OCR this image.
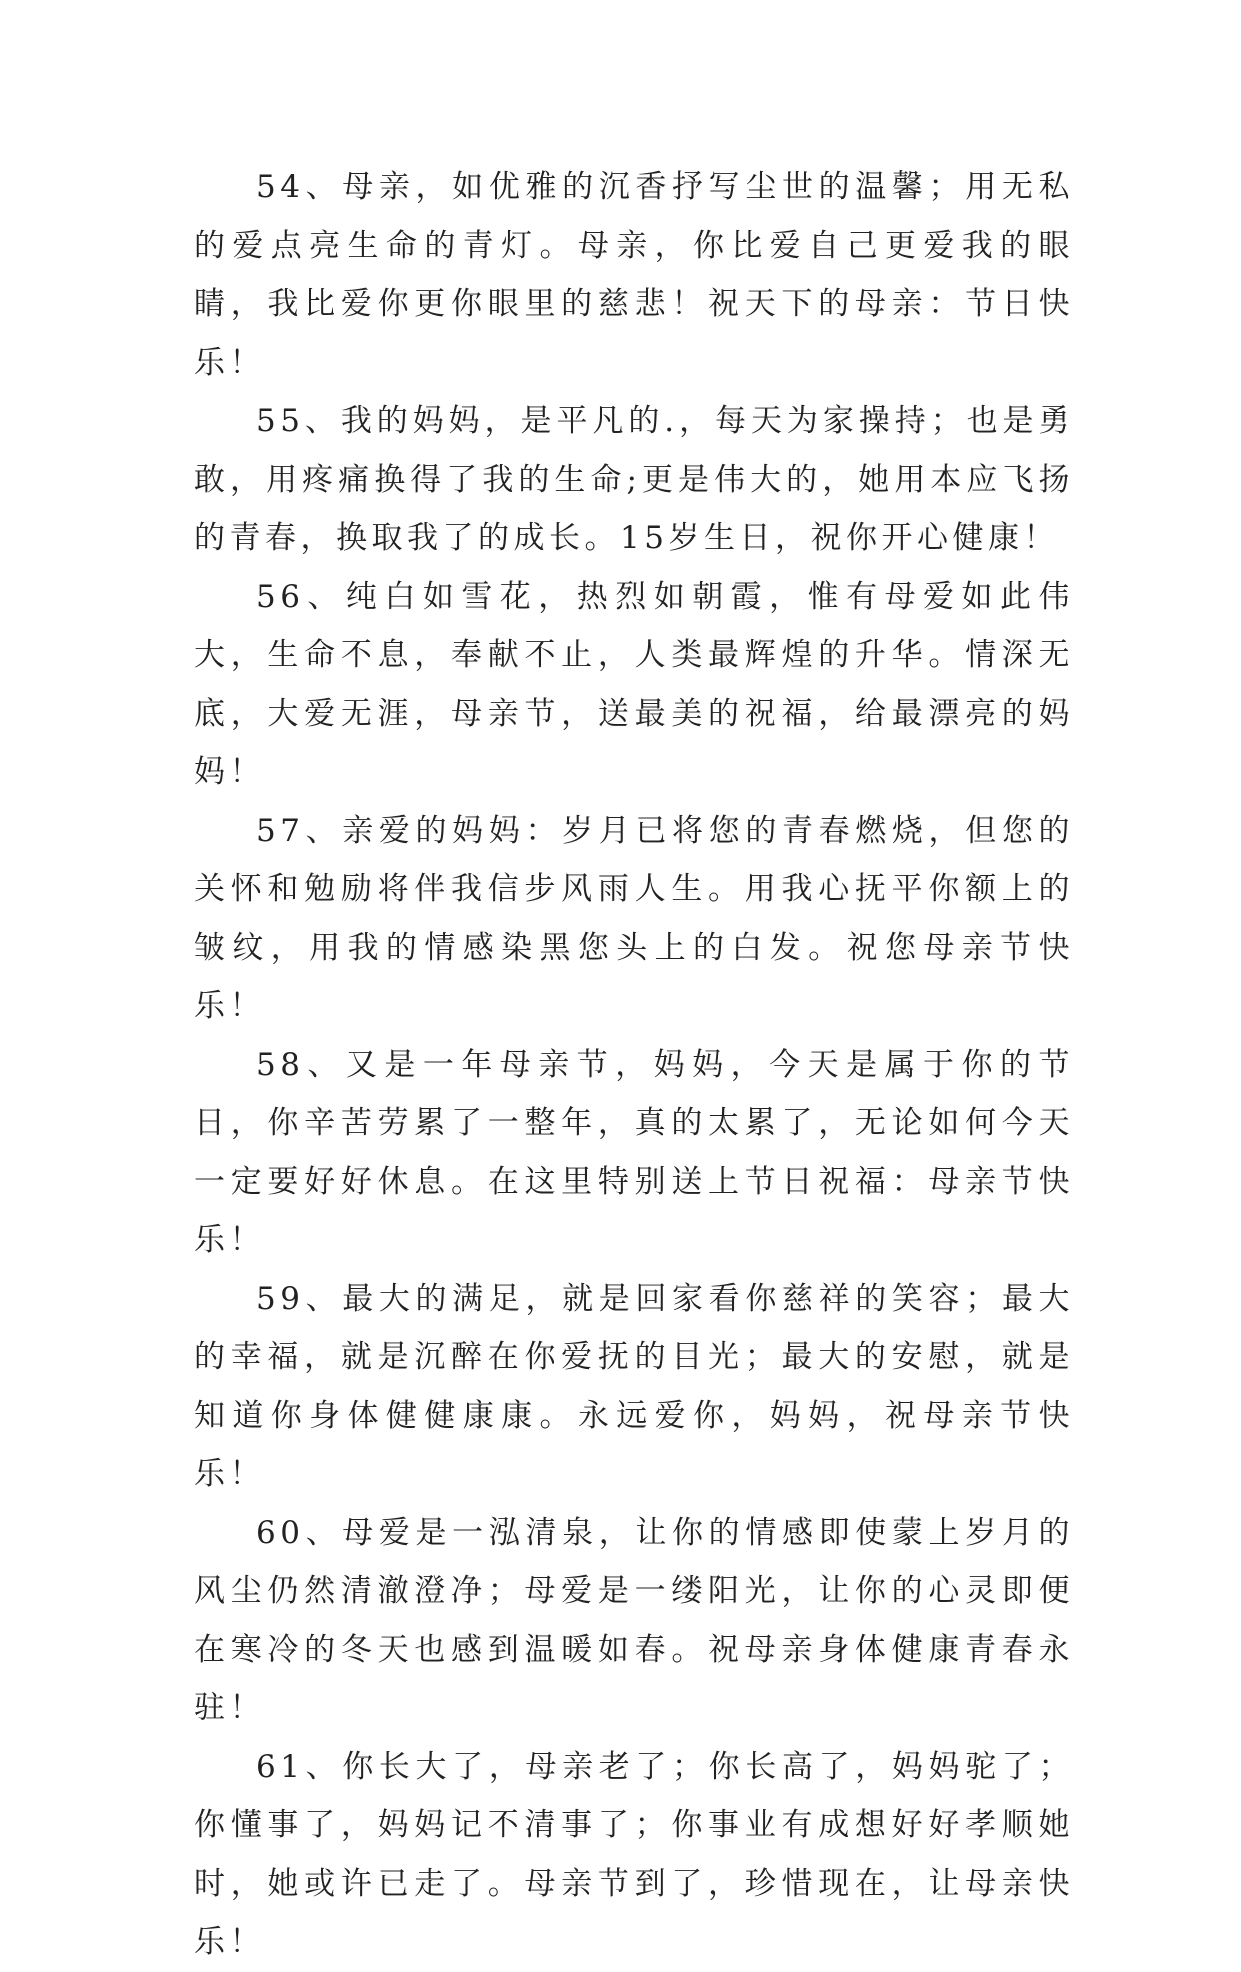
54、母亲，如优雅的沉香抒写尘世的温馨；用无私的爱点亮生命的青灯。母亲，你比爱自己更爱我的眼睛，我比爱你更你眼里的慈悲！祝天下的母亲：节日快乐！

55、我的妈妈，是平凡的.，每天为家操持；也是勇敢，用疼痛换得了我的生命;更是伟大的，她用本应飞扬的青春，换取我了的成长。15岁生日，祝你开心健康！

56、纯白如雪花，热烈如朝霞，惟有母爱如此伟大，生命不息，奉献不止，人类最辉煌的升华。情深无底，大爱无涯，母亲节，送最美的祝福，给最漂亮的妈妈！

57、亲爱的妈妈：岁月已将您的青春燃烧，但您的关怀和勉励将伴我信步风雨人生。用我心抚平你额上的皱纹，用我的情感染黑您头上的白发。祝您母亲节快乐！

58、又是一年母亲节，妈妈，今天是属于你的节日，你辛苦劳累了一整年，真的太累了，无论如何今天一定要好好休息。在这里特别送上节日祝福：母亲节快乐！

59、最大的满足，就是回家看你慈祥的笑容；最大的幸福，就是沉醉在你爱抚的目光；最大的安慰，就是知道你身体健健康康。永远爱你，妈妈，祝母亲节快乐！

60、母爱是一泓清泉，让你的情感即使蒙上岁月的风尘仍然清澈澄净；母爱是一缕阳光，让你的心灵即便在寒冷的冬天也感到温暖如春。祝母亲身体健康青春永驻！

61、你长大了，母亲老了；你长高了，妈妈驼了；你懂事了，妈妈记不清事了；你事业有成想好好孝顺她时，她或许已走了。母亲节到了，珍惜现在，让母亲快乐！
